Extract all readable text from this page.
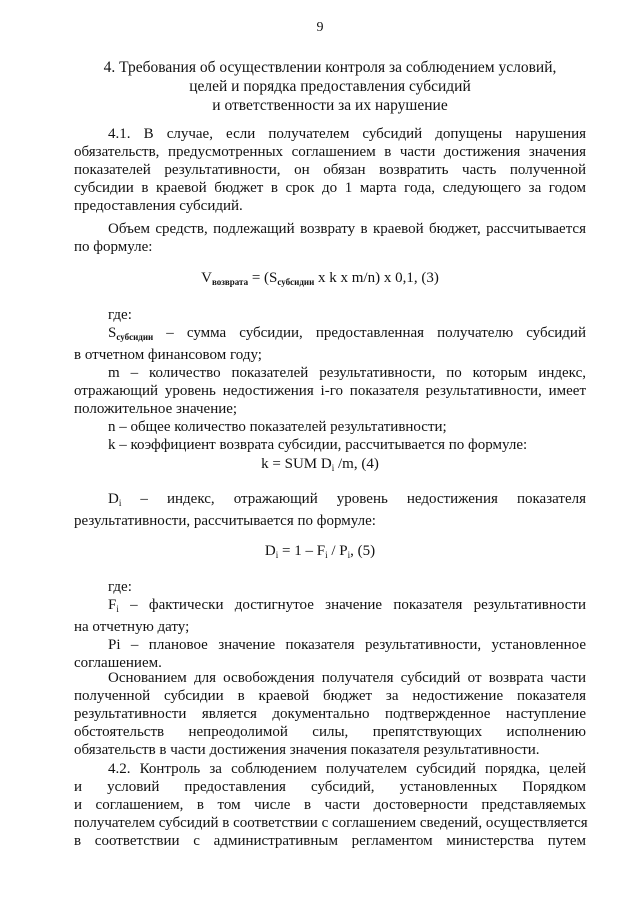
9
4. Требования об осуществлении контроля за соблюдением условий,
целей и порядка предоставления субсидий
и ответственности за их нарушение
4.1. В случае, если получателем субсидий допущены нарушения
обязательств, предусмотренных соглашением в части достижения значения
показателей результативности, он обязан возвратить часть полученной
субсидии в краевой бюджет в срок до 1 марта года, следующего за годом
предоставления субсидий.
Объем средств, подлежащий возврату в краевой бюджет, рассчитывается
по формуле:
$V_{возврата} = (S_{субсидии}$ x k x m/n) x 0,1, (3)
где:
$S_{субсидии}$ – сумма субсидии, предоставленная получателю субсидий
в отчетном финансовом году;
m – количество показателей результативности, по которым индекс,
отражающий уровень недостижения i-го показателя результативности, имеет
положительное значение;
n – общее количество показателей результативности;
k – коэффициент возврата субсидии, рассчитывается по формуле:
k = SUM $D_i$ /m, (4)
$D_i$ – индекс, отражающий уровень недостижения показателя
результативности, рассчитывается по формуле:
$D_i = 1 - F_i / P_i$, (5)
где:
$F_i$ – фактически достигнутое значение показателя результативности
на отчетную дату;
Pi – плановое значение показателя результативности, установленное
соглашением.
Основанием для освобождения получателя субсидий от возврата части
полученной субсидии в краевой бюджет за недостижение показателя
результативности является документально подтвержденное наступление
обстоятельств непреодолимой силы, препятствующих исполнению
обязательств в части достижения значения показателя результативности.
4.2. Контроль за соблюдением получателем субсидий порядка, целей
и условий предоставления субсидий, установленных Порядком
и соглашением, в том числе в части достоверности представляемых
получателем субсидий в соответствии с соглашением сведений, осуществляется
в соответствии с административным регламентом министерства путем
